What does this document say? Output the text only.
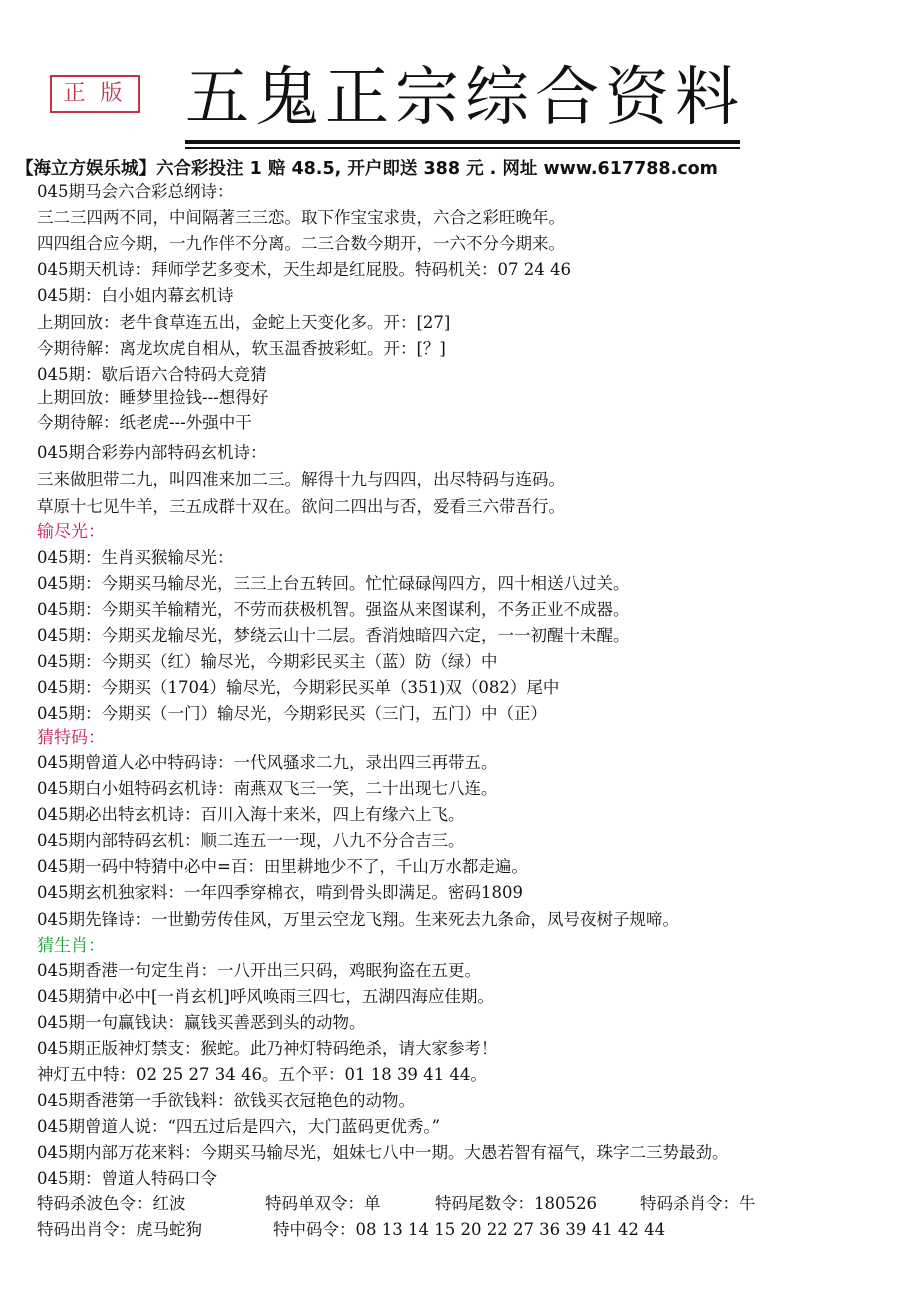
正 版 五鬼正宗综合资料
【海立方娱乐城】六合彩投注 1 赔 48.5, 开户即送 388 元 . 网址 www.617788.com
045期马会六合彩总纲诗：
三二三四两不同，中间隔著三三恋。取下作宝宝求贵，六合之彩旺晚年。
四四组合应今期，一九作伴不分离。二三合数今期开，一六不分今期来。
045期天机诗：拜师学艺多变术，天生却是红屁股。特码机关：07 24 46
045期：白小姐内幕玄机诗
上期回放：老牛食草连五出，金蛇上天变化多。开：[27]
今期待解：离龙坎虎自相从，软玉温香披彩虹。开：[？]
045期：歇后语六合特码大竞猜
上期回放：睡梦里捡钱---想得好
今期待解：纸老虎---外强中干
045期合彩券内部特码玄机诗：
三来做胆带二九，叫四准来加二三。解得十九与四四，出尽特码与连码。
草原十七见牛羊，三五成群十双在。欲问二四出与否，爱看三六带吾行。
输尽光：
045期：生肖买猴输尽光：
045期：今期买马输尽光，三三上台五转回。忙忙碌碌闯四方，四十相送八过关。
045期：今期买羊输精光，不劳而获极机智。强盗从来图谋利，不务正业不成器。
045期：今期买龙输尽光，梦绕云山十二层。香消烛暗四六定，一一初醒十未醒。
045期：今期买（红）输尽光，今期彩民买主（蓝）防（绿）中
045期：今期买（1704）输尽光，今期彩民买单（351)双（082）尾中
045期：今期买（一门）输尽光，今期彩民买（三门，五门）中（正）
猜特码：
045期曾道人必中特码诗：一代风骚求二九，录出四三再带五。
045期白小姐特码玄机诗：南燕双飞三一笑，二十出现七八连。
045期必出特玄机诗：百川入海十来米，四上有缘六上飞。
045期内部特码玄机：顺二连五一一现，八九不分合吉三。
045期一码中特猜中必中=百：田里耕地少不了，千山万水都走遍。
045期玄机独家料：一年四季穿棉衣，啃到骨头即满足。密码1809
045期先锋诗：一世勤劳传佳风，万里云空龙飞翔。生来死去九条命，凤号夜树子规啼。
猜生肖：
045期香港一句定生肖：一八开出三只码，鸡眠狗盗在五更。
045期猜中必中[一肖玄机]呼风唤雨三四七，五湖四海应佳期。
045期一句赢钱诀：赢钱买善恶到头的动物。
045期正版神灯禁支：猴蛇。此乃神灯特码绝杀，请大家参考！
神灯五中特：02 25 27 34 46。五个平：01 18 39 41 44。
045期香港第一手欲钱料：欲钱买衣冠艳色的动物。
045期曾道人说：“四五过后是四六，大门蓝码更优秀。”
045期内部万花来料：今期买马输尽光，姐妹七八中一期。大愚若智有福气，珠字二三势最劲。
045期：曾道人特码口令
特码杀波色令：红波	特码单双令：单	特码尾数令：180526	特码杀肖令：牛
特码出肖令：虎马蛇狗	特中码令：08 13 14 15 20 22 27 36 39 41 42 44
